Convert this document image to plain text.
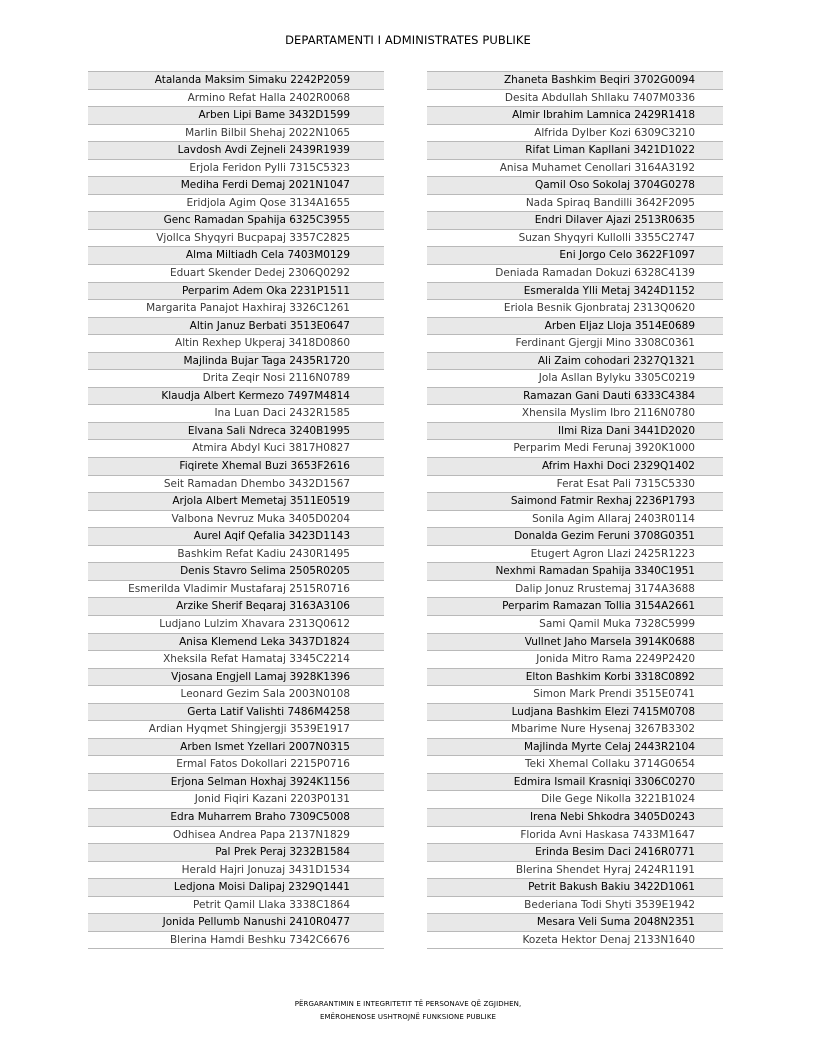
DEPARTAMENTI I ADMINISTRATES PUBLIKE
Atalanda Maksim Simaku 2242P2059
Armino Refat Halla 2402R0068
Arben Lipi Bame 3432D1599
Marlin Bilbil Shehaj 2022N1065
Lavdosh Avdi Zejneli 2439R1939
Erjola Feridon Pylli 7315C5323
Mediha Ferdi Demaj 2021N1047
Eridjola Agim Qose 3134A1655
Genc Ramadan Spahija 6325C3955
Vjollca Shyqyri Bucpapaj 3357C2825
Alma Miltiadh Cela 7403M0129
Eduart Skender Dedej 2306Q0292
Perparim Adem Oka 2231P1511
Margarita Panajot Haxhiraj 3326C1261
Altin Januz Berbati 3513E0647
Altin Rexhep Ukperaj 3418D0860
Majlinda Bujar Taga 2435R1720
Drita Zeqir Nosi 2116N0789
Klaudja Albert Kermezo 7497M4814
Ina Luan Daci 2432R1585
Elvana Sali Ndreca 3240B1995
Atmira Abdyl Kuci 3817H0827
Fiqirete Xhemal Buzi 3653F2616
Seit Ramadan Dhembo 3432D1567
Arjola Albert Memetaj 3511E0519
Valbona Nevruz Muka 3405D0204
Aurel Aqif Qefalia 3423D1143
Bashkim Refat Kadiu 2430R1495
Denis Stavro Selima 2505R0205
Esmerilda Vladimir Mustafaraj 2515R0716
Arzike Sherif Beqaraj 3163A3106
Ludjano Lulzim Xhavara 2313Q0612
Anisa Klemend Leka 3437D1824
Xheksila Refat Hamataj 3345C2214
Vjosana Engjell Lamaj 3928K1396
Leonard Gezim Sala 2003N0108
Gerta Latif Valishti 7486M4258
Ardian Hyqmet Shingjergji 3539E1917
Arben Ismet Yzellari 2007N0315
Ermal Fatos Dokollari 2215P0716
Erjona Selman Hoxhaj 3924K1156
Jonid Fiqiri Kazani 2203P0131
Edra Muharrem Braho 7309C5008
Odhisea Andrea Papa 2137N1829
Pal Prek Peraj 3232B1584
Herald Hajri Jonuzaj 3431D1534
Ledjona Moisi Dalipaj 2329Q1441
Petrit Qamil Llaka 3338C1864
Jonida Pellumb Nanushi 2410R0477
Blerina Hamdi Beshku 7342C6676
Zhaneta Bashkim Beqiri 3702G0094
Desita Abdullah Shllaku 7407M0336
Almir Ibrahim Lamnica 2429R1418
Alfrida Dylber Kozi 6309C3210
Rifat Liman Kapllani 3421D1022
Anisa Muhamet Cenollari 3164A3192
Qamil Oso Sokolaj 3704G0278
Nada Spiraq Bandilli 3642F2095
Endri Dilaver Ajazi 2513R0635
Suzan Shyqyri Kullolli 3355C2747
Eni Jorgo Celo 3622F1097
Deniada Ramadan Dokuzi 6328C4139
Esmeralda Ylli Metaj 3424D1152
Eriola Besnik Gjonbrataj 2313Q0620
Arben Eljaz Lloja 3514E0689
Ferdinant Gjergji Mino 3308C0361
Ali Zaim cohodari 2327Q1321
Jola Asllan Bylyku 3305C0219
Ramazan Gani Dauti 6333C4384
Xhensila Myslim Ibro 2116N0780
Ilmi Riza Dani 3441D2020
Perparim Medi Ferunaj 3920K1000
Afrim Haxhi Doci 2329Q1402
Ferat Esat Pali 7315C5330
Saimond Fatmir Rexhaj 2236P1793
Sonila Agim Allaraj 2403R0114
Donalda Gezim Feruni 3708G0351
Etugert Agron Llazi 2425R1223
Nexhmi Ramadan Spahija 3340C1951
Dalip Jonuz Rrustemaj 3174A3688
Perparim Ramazan Tollia 3154A2661
Sami Qamil Muka 7328C5999
Vullnet Jaho Marsela 3914K0688
Jonida Mitro Rama 2249P2420
Elton Bashkim Korbi 3318C0892
Simon Mark Prendi 3515E0741
Ludjana Bashkim Elezi 7415M0708
Mbarime Nure Hysenaj 3267B3302
Majlinda Myrte Celaj 2443R2104
Teki Xhemal Collaku 3714G0654
Edmira Ismail Krasniqi 3306C0270
Dile Gege Nikolla 3221B1024
Irena Nebi Shkodra 3405D0243
Florida Avni Haskasa 7433M1647
Erinda Besim Daci 2416R0771
Blerina Shendet Hyraj 2424R1191
Petrit Bakush Bakiu 3422D1061
Bederiana Todi Shyti 3539E1942
Mesara Veli Suma 2048N2351
Kozeta Hektor Denaj 2133N1640
PËRGARANTIMIN E INTEGRITETIT TË PERSONAVE QË ZGJIDHEN,
EMËROHENOSE USHTROJNË FUNKSIONE PUBLIKE
